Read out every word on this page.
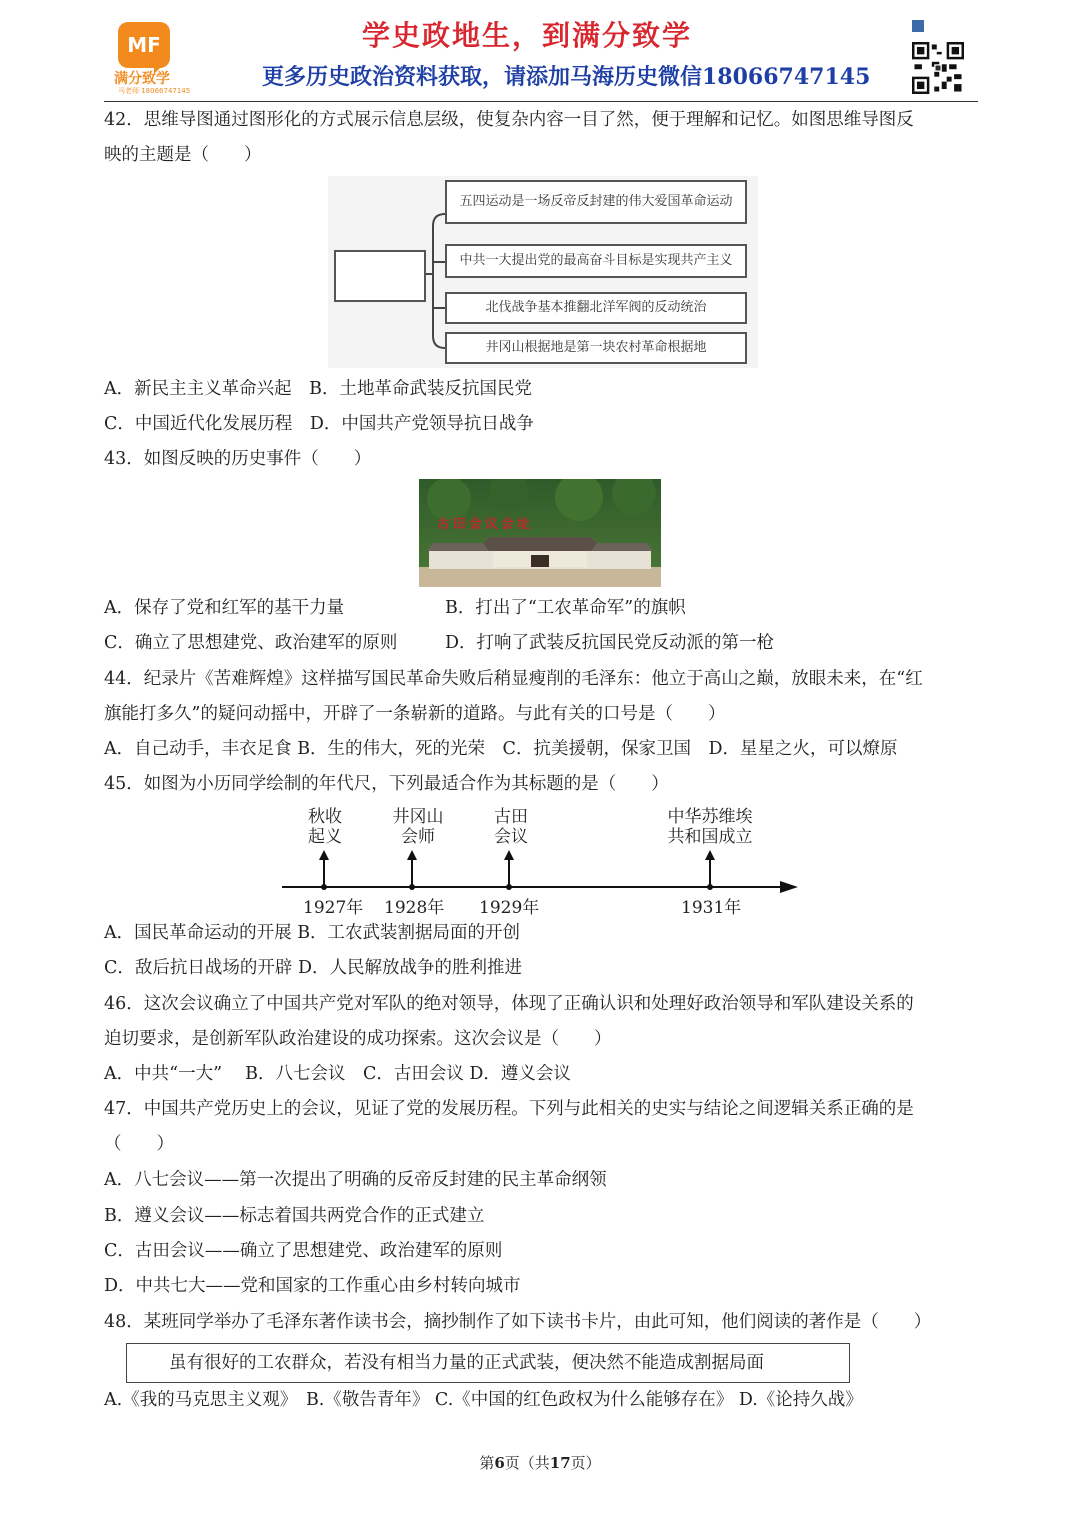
MF
满分致学
马老师 18066747145
学史政地生，到满分致学
更多历史政治资料获取，请添加马海历史微信18066747145
42．思维导图通过图形化的方式展示信息层级，使复杂内容一目了然，便于理解和记忆。如图思维导图反
映的主题是（　　）
五四运动是一场反帝反封建的伟大爱国革命运动
中共一大提出党的最高奋斗目标是实现共产主义
北伐战争基本推翻北洋军阀的反动统治
井冈山根据地是第一块农村革命根据地
A．新民主主义革命兴起　B．土地革命武装反抗国民党
C．中国近代化发展历程　D．中国共产党领导抗日战争
43．如图反映的历史事件（　　）
古田会议会址
A．保存了党和红军的基干力量	B．打出了“工农革命军”的旗帜
C．确立了思想建党、政治建军的原则	D．打响了武装反抗国民党反动派的第一枪
44．纪录片《苦难辉煌》这样描写国民革命失败后稍显瘦削的毛泽东：他立于高山之巅，放眼未来，在“红
旗能打多久”的疑问动摇中，开辟了一条崭新的道路。与此有关的口号是（　　）
A．自己动手，丰衣足食 B．生的伟大，死的光荣　C．抗美援朝，保家卫国　D．星星之火，可以燎原
45．如图为小历同学绘制的年代尺，下列最适合作为其标题的是（　　）
秋收
起义
井冈山
会师
古田
会议
中华苏维埃
共和国成立
1927年 1928年 1929年	1931年
A．国民革命运动的开展 B．工农武装割据局面的开创
C．敌后抗日战场的开辟 D．人民解放战争的胜利推进
46．这次会议确立了中国共产党对军队的绝对领导，体现了正确认识和处理好政治领导和军队建设关系的
迫切要求，是创新军队政治建设的成功探索。这次会议是（　　）
A．中共“一大”　 B．八七会议　C．古田会议 D．遵义会议
47．中国共产党历史上的会议，见证了党的发展历程。下列与此相关的史实与结论之间逻辑关系正确的是
（　　）
A．八七会议——第一次提出了明确的反帝反封建的民主革命纲领
B．遵义会议——标志着国共两党合作的正式建立
C．古田会议——确立了思想建党、政治建军的原则
D．中共七大——党和国家的工作重心由乡村转向城市
48．某班同学举办了毛泽东著作读书会，摘抄制作了如下读书卡片，由此可知，他们阅读的著作是（　　）
虽有很好的工农群众，若没有相当力量的正式武装，便决然不能造成割据局面
A.《我的马克思主义观》　B.《敬告青年》 C.《中国的红色政权为什么能够存在》 D.《论持久战》
第6页（共17页）
